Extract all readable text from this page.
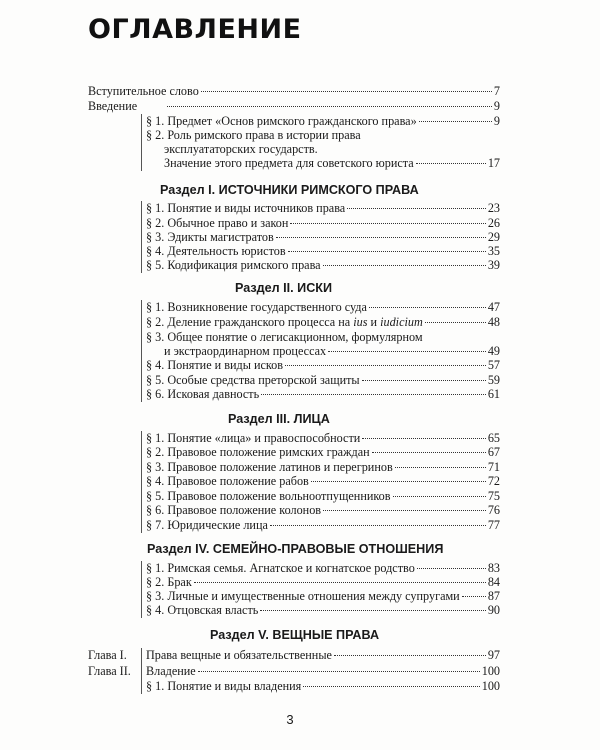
ОГЛАВЛЕНИЕ
Вступительное слово	7
Введение	9
§ 1. Предмет «Основ римского гражданского права»	9
§ 2. Роль римского права в истории права
эксплуататорских государств.
Значение этого предмета для советского юриста	17
Раздел I. ИСТОЧНИКИ РИМСКОГО ПРАВА
§ 1. Понятие и виды источников права	23
§ 2. Обычное право и закон	26
§ 3. Эдикты магистратов	29
§ 4. Деятельность юристов	35
§ 5. Кодификация римского права	39
Раздел II. ИСКИ
§ 1. Возникновение государственного суда	47
§ 2. Деление гражданского процесса на ius и iudicium	48
§ 3. Общее понятие о легисакционном, формулярном
и экстраординарном процессах	49
§ 4. Понятие и виды исков	57
§ 5. Особые средства преторской защиты	59
§ 6. Исковая давность	61
Раздел III. ЛИЦА
§ 1. Понятие «лица» и правоспособности	65
§ 2. Правовое положение римских граждан	67
§ 3. Правовое положение латинов и перегринов	71
§ 4. Правовое положение рабов	72
§ 5. Правовое положение вольноотпущенников	75
§ 6. Правовое положение колонов	76
§ 7. Юридические лица	77
Раздел IV. СЕМЕЙНО-ПРАВОВЫЕ ОТНОШЕНИЯ
§ 1. Римская семья. Агнатское и когнатское родство	83
§ 2. Брак	84
§ 3. Личные и имущественные отношения между супругами 87
§ 4. Отцовская власть	90
Раздел V. ВЕЩНЫЕ ПРАВА
Глава I. Права вещные и обязательственные	97
Глава II. Владение	100
§ 1. Понятие и виды владения	100
3
